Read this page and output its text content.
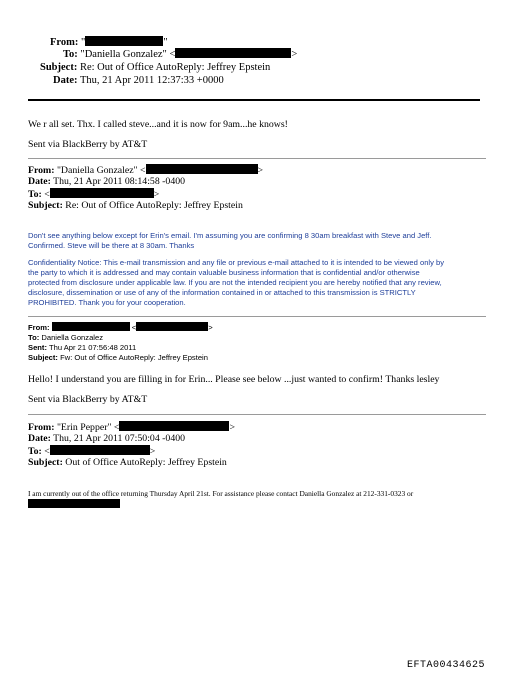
From: "	"
To: "Daniella Gonzalez" <	>
Subject: Re: Out of Office AutoReply: Jeffrey Epstein
Date: Thu, 21 Apr 2011 12:37:33 +0000
We r all set. Thx. I called steve...and it is now for 9am...he knows!
Sent via BlackBerry by AT&T
From: "Daniella Gonzalez" <	>
Date: Thu, 21 Apr 2011 08:14:58 -0400
To: <	>
Subject: Re: Out of Office AutoReply: Jeffrey Epstein
Don't see anything below except for Erin's email. I'm assuming you are confirming 8 30am breakfast with Steve and Jeff.
Confirmed. Steve will be there at 8 30am. Thanks
Confidentiality Notice: This e-mail transmission and any file or previous e-mail attached to it is intended to be viewed only by
the party to which it is addressed and may contain valuable business information that is confidential and/or otherwise
protected from disclosure under applicable law. If you are not the intended recipient you are hereby notified that any review,
disclosure, dissemination or use of any of the information contained in or attached to this transmission is STRICTLY
PROHIBITED. Thank you for your cooperation.
From:	<	>
To: Daniella Gonzalez
Sent: Thu Apr 21 07:56:48 2011
Subject: Fw: Out of Office AutoReply: Jeffrey Epstein
Hello! I understand you are filling in for Erin... Please see below ...just wanted to confirm! Thanks lesley
Sent via BlackBerry by AT&T
From: "Erin Pepper" <	>
Date: Thu, 21 Apr 2011 07:50:04 -0400
To: <	>
Subject: Out of Office AutoReply: Jeffrey Epstein
I am currently out of the office returning Thursday April 21st. For assistance please contact Daniella Gonzalez at 212-331-0323 or
EFTA00434625
